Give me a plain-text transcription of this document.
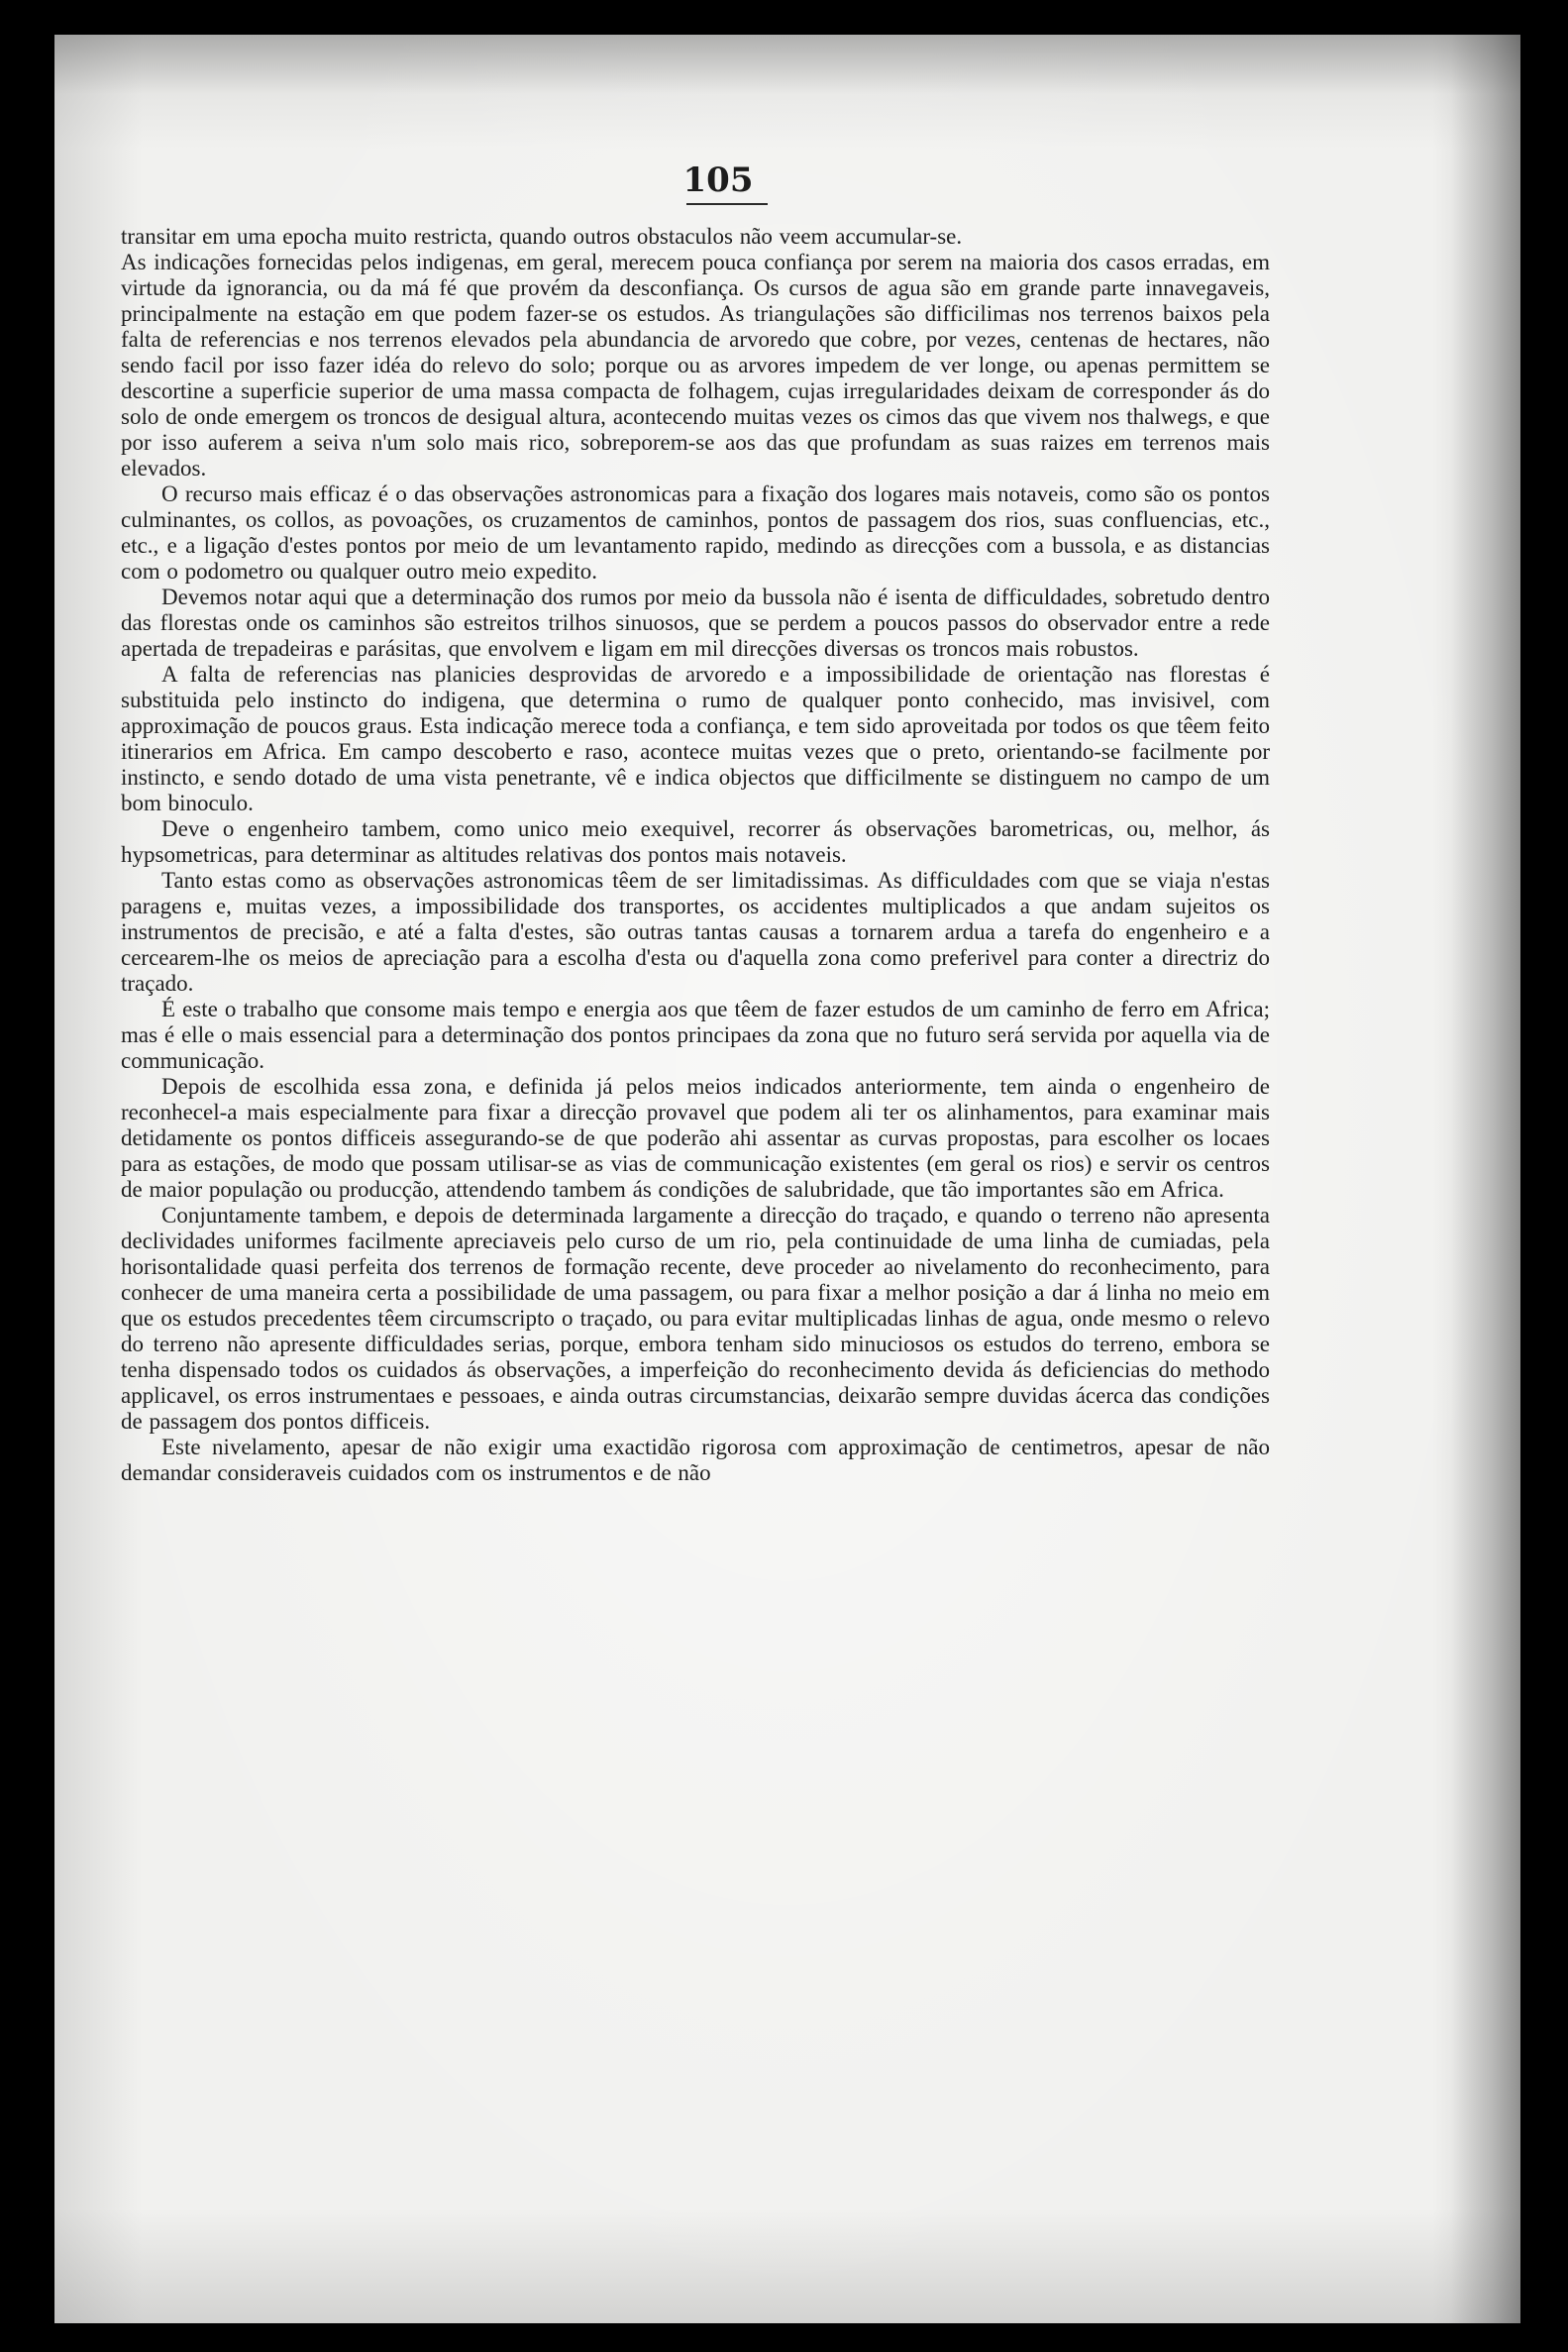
105

transitar em uma epocha muito restricta, quando outros obstaculos não veem accumular-se.

As indicações fornecidas pelos indigenas, em geral, merecem pouca confiança por serem na maioria dos casos erradas, em virtude da ignorancia, ou da má fé que provém da desconfiança. Os cursos de agua são em grande parte innavegaveis, principalmente na estação em que podem fazer-se os estudos. As triangulações são difficilimas nos terrenos baixos pela falta de referencias e nos terrenos elevados pela abundancia de arvoredo que cobre, por vezes, centenas de hectares, não sendo facil por isso fazer idéa do relevo do solo; porque ou as arvores impedem de ver longe, ou apenas permittem se descortine a superficie superior de uma massa compacta de folhagem, cujas irregularidades deixam de corresponder ás do solo de onde emergem os troncos de desigual altura, acontecendo muitas vezes os cimos das que vivem nos thalwegs, e que por isso auferem a seiva n'um solo mais rico, sobreporem-se aos das que profundam as suas raizes em terrenos mais elevados.

O recurso mais efficaz é o das observações astronomicas para a fixação dos logares mais notaveis, como são os pontos culminantes, os collos, as povoações, os cruzamentos de caminhos, pontos de passagem dos rios, suas confluencias, etc., etc., e a ligação d'estes pontos por meio de um levantamento rapido, medindo as direcções com a bussola, e as distancias com o podometro ou qualquer outro meio expedito.

Devemos notar aqui que a determinação dos rumos por meio da bussola não é isenta de difficuldades, sobretudo dentro das florestas onde os caminhos são estreitos trilhos sinuosos, que se perdem a poucos passos do observador entre a rede apertada de trepadeiras e parásitas, que envolvem e ligam em mil direcções diversas os troncos mais robustos.

A falta de referencias nas planicies desprovidas de arvoredo e a impossibilidade de orientação nas florestas é substituida pelo instincto do indigena, que determina o rumo de qualquer ponto conhecido, mas invisivel, com approximação de poucos graus. Esta indicação merece toda a confiança, e tem sido aproveitada por todos os que têem feito itinerarios em Africa. Em campo descoberto e raso, acontece muitas vezes que o preto, orientando-se facilmente por instincto, e sendo dotado de uma vista penetrante, vê e indica objectos que difficilmente se distinguem no campo de um bom binoculo.

Deve o engenheiro tambem, como unico meio exequivel, recorrer ás observações barometricas, ou, melhor, ás hypsometricas, para determinar as altitudes relativas dos pontos mais notaveis.

Tanto estas como as observações astronomicas têem de ser limitadissimas. As difficuldades com que se viaja n'estas paragens e, muitas vezes, a impossibilidade dos transportes, os accidentes multiplicados a que andam sujeitos os instrumentos de precisão, e até a falta d'estes, são outras tantas causas a tornarem ardua a tarefa do engenheiro e a cercearem-lhe os meios de apreciação para a escolha d'esta ou d'aquella zona como preferivel para conter a directriz do traçado.

É este o trabalho que consome mais tempo e energia aos que têem de fazer estudos de um caminho de ferro em Africa; mas é elle o mais essencial para a determinação dos pontos principaes da zona que no futuro será servida por aquella via de communicação.

Depois de escolhida essa zona, e definida já pelos meios indicados anteriormente, tem ainda o engenheiro de reconhecel-a mais especialmente para fixar a direcção provavel que podem ali ter os alinhamentos, para examinar mais detidamente os pontos difficeis assegurando-se de que poderão ahi assentar as curvas propostas, para escolher os locaes para as estações, de modo que possam utilisar-se as vias de communicação existentes (em geral os rios) e servir os centros de maior população ou producção, attendendo tambem ás condições de salubridade, que tão importantes são em Africa.

Conjuntamente tambem, e depois de determinada largamente a direcção do traçado, e quando o terreno não apresenta declividades uniformes facilmente apreciaveis pelo curso de um rio, pela continuidade de uma linha de cumiadas, pela horisontalidade quasi perfeita dos terrenos de formação recente, deve proceder ao nivelamento do reconhecimento, para conhecer de uma maneira certa a possibilidade de uma passagem, ou para fixar a melhor posição a dar á linha no meio em que os estudos precedentes têem circumscripto o traçado, ou para evitar multiplicadas linhas de agua, onde mesmo o relevo do terreno não apresente difficuldades serias, porque, embora tenham sido minuciosos os estudos do terreno, embora se tenha dispensado todos os cuidados ás observações, a imperfeição do reconhecimento devida ás deficiencias do methodo applicavel, os erros instrumentaes e pessoaes, e ainda outras circumstancias, deixarão sempre duvidas ácerca das condições de passagem dos pontos difficeis.

Este nivelamento, apesar de não exigir uma exactidão rigorosa com approximação de centimetros, apesar de não demandar consideraveis cuidados com os instrumentos e de não
